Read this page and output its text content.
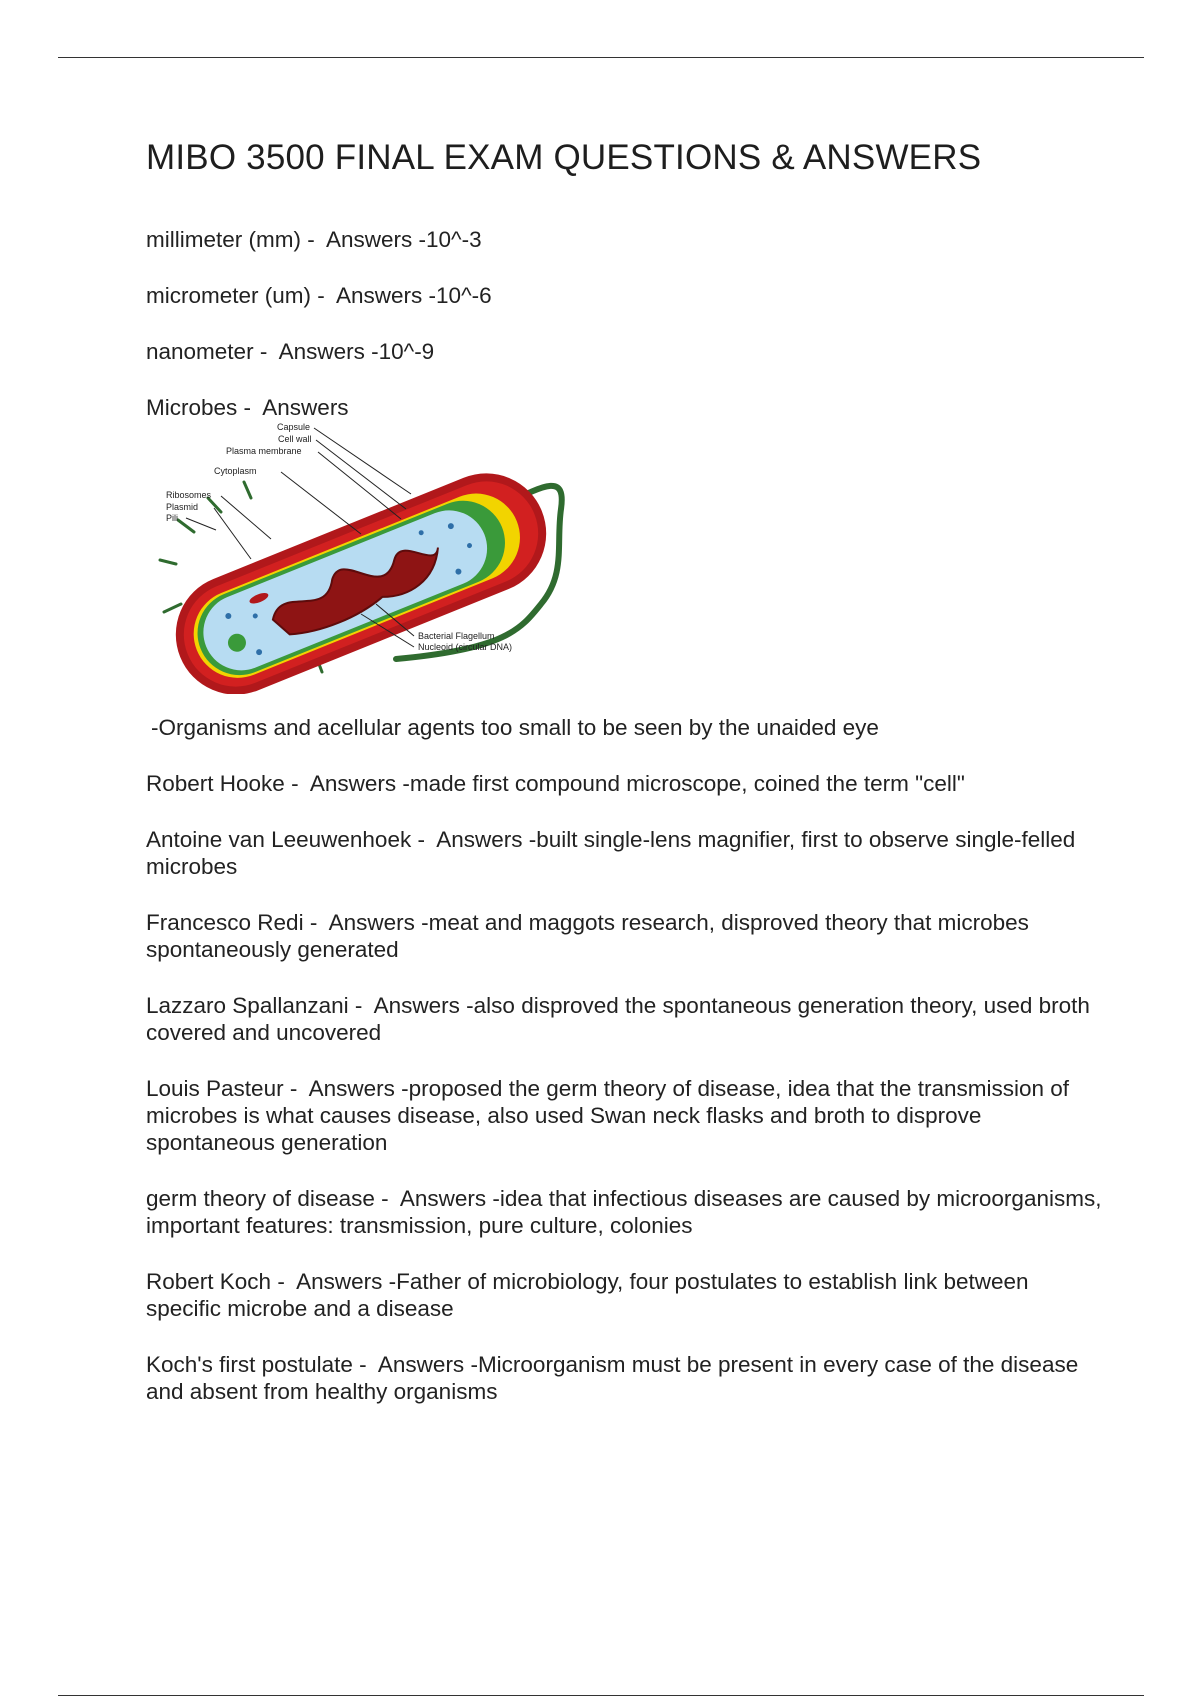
MIBO 3500 FINAL EXAM QUESTIONS & ANSWERS

millimeter (mm) -  Answers -10^-3

micrometer (um) -  Answers -10^-6

nanometer -  Answers -10^-9

Microbes -  Answers

Capsule
Cell wall
Plasma membrane
Cytoplasm
Ribosomes
Plasmid
Pili
Bacterial Flagellum
Nucleoid (circular DNA)

-Organisms and acellular agents too small to be seen by the unaided eye

Robert Hooke -  Answers -made first compound microscope, coined the term "cell"

Antoine van Leeuwenhoek -  Answers -built single-lens magnifier, first to observe single-felled microbes

Francesco Redi -  Answers -meat and maggots research, disproved theory that microbes spontaneously generated

Lazzaro Spallanzani -  Answers -also disproved the spontaneous generation theory, used broth covered and uncovered

Louis Pasteur -  Answers -proposed the germ theory of disease, idea that the transmission of microbes is what causes disease, also used Swan neck flasks and broth to disprove spontaneous generation

germ theory of disease -  Answers -idea that infectious diseases are caused by microorganisms, important features: transmission, pure culture, colonies

Robert Koch -  Answers -Father of microbiology, four postulates to establish link between specific microbe and a disease

Koch's first postulate -  Answers -Microorganism must be present in every case of the disease and absent from healthy organisms
